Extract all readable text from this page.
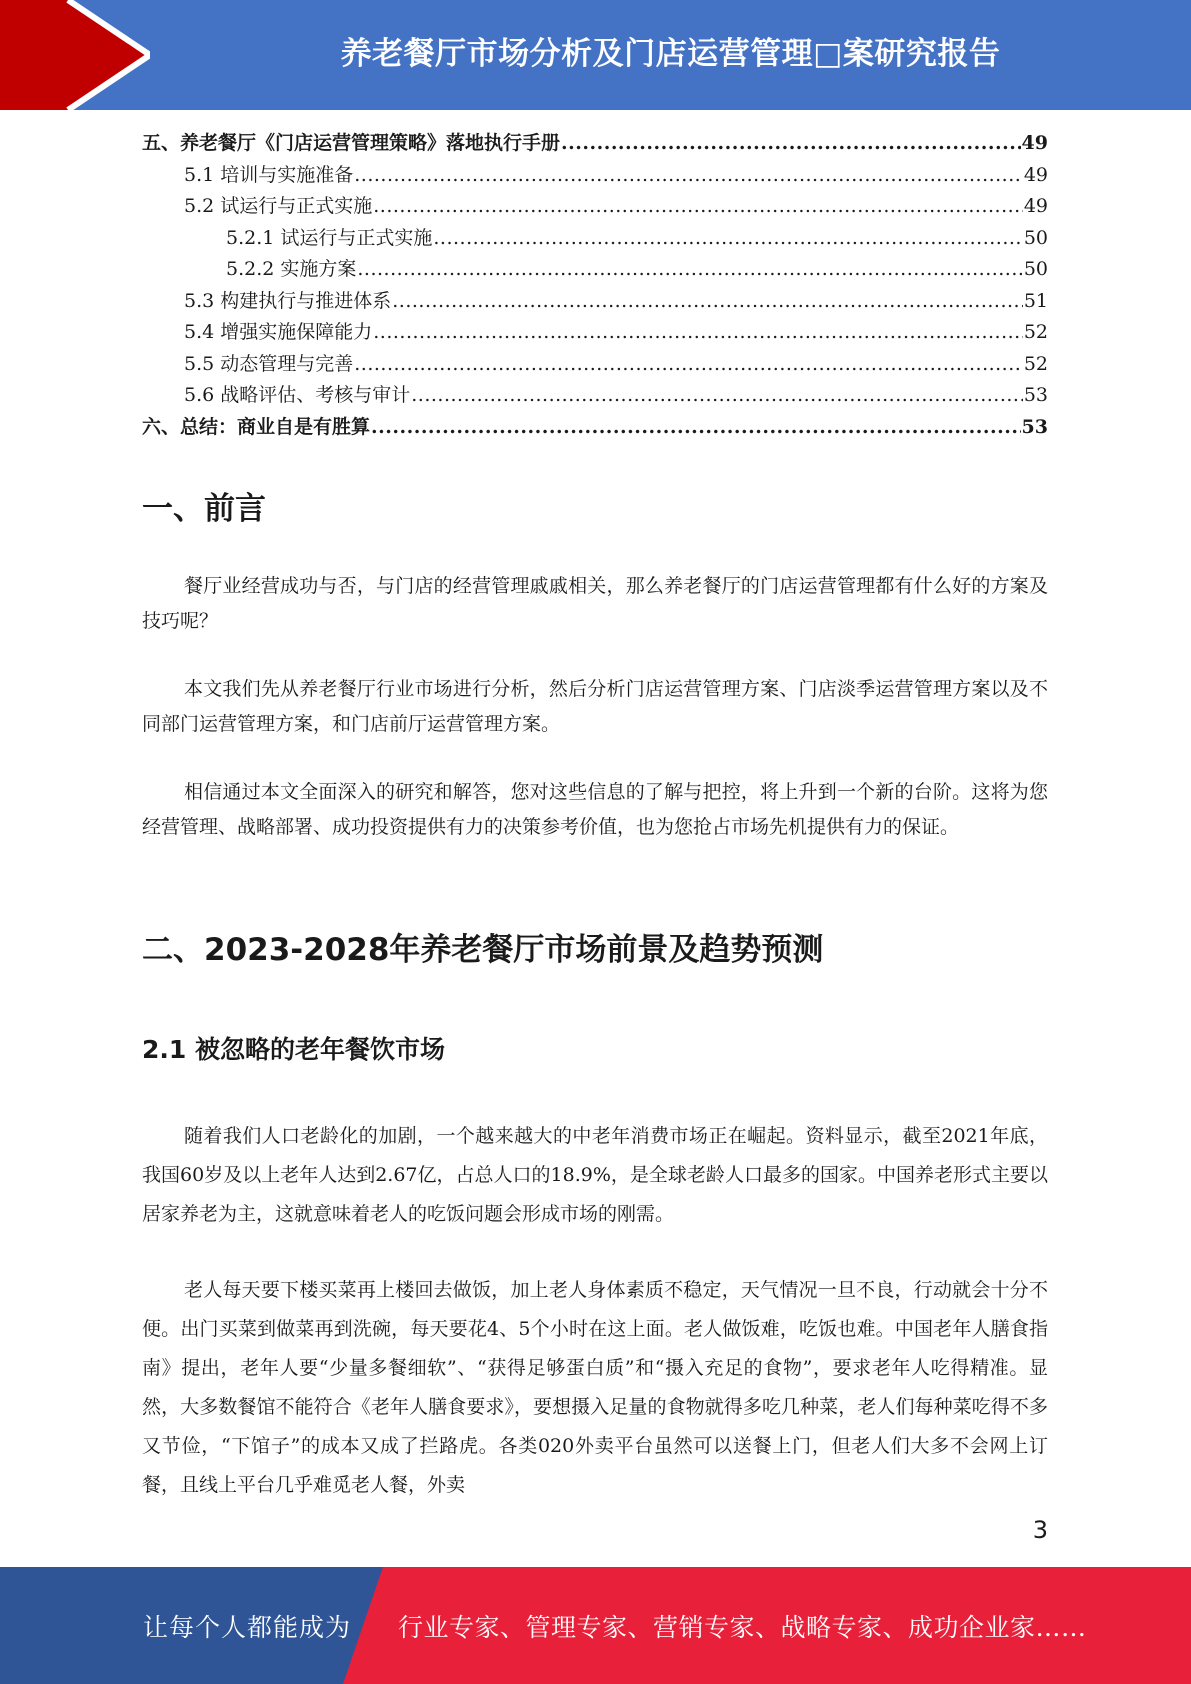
养老餐厅市场分析及门店运营管理□案研究报告
五、养老餐厅《门店运营管理策略》落地执行手册 .....	49
5.1 培训与实施准备 .....	49
5.2 试运行与正式实施 .....	49
5.2.1 试运行与正式实施 .....	50
5.2.2 实施方案 .....	50
5.3 构建执行与推进体系 .....	51
5.4 增强实施保障能力 .....	52
5.5 动态管理与完善 .....	52
5.6 战略评估、考核与审计 .....	53
六、总结：商业自是有胜算 .....	53
一、前言

餐厅业经营成功与否，与门店的经营管理戚戚相关，那么养老餐厅的门店运营管理都有什么好的方案及技巧呢？

本文我们先从养老餐厅行业市场进行分析，然后分析门店运营管理方案、门店淡季运营管理方案以及不同部门运营管理方案，和门店前厅运营管理方案。

相信通过本文全面深入的研究和解答，您对这些信息的了解与把控，将上升到一个新的台阶。这将为您经营管理、战略部署、成功投资提供有力的决策参考价值，也为您抢占市场先机提供有力的保证。

二、2023-2028年养老餐厅市场前景及趋势预测
2.1 被忽略的老年餐饮市场

随着我们人口老龄化的加剧，一个越来越大的中老年消费市场正在崛起。资料显示，截至2021年底，我国60岁及以上老年人达到2.67亿，占总人口的18.9%，是全球老龄人口最多的国家。中国养老形式主要以居家养老为主，这就意味着老人的吃饭问题会形成市场的刚需。

老人每天要下楼买菜再上楼回去做饭，加上老人身体素质不稳定，天气情况一旦不良，行动就会十分不便。出门买菜到做菜再到洗碗，每天要花4、5个小时在这上面。老人做饭难，吃饭也难。中国老年人膳食指南》提出，老年人要“少量多餐细软”、“获得足够蛋白质”和“摄入充足的食物”，要求老年人吃得精准。显然，大多数餐馆不能符合《老年人膳食要求》，要想摄入足量的食物就得多吃几种菜，老人们每种菜吃得不多又节俭，“下馆子”的成本又成了拦路虎。各类020外卖平台虽然可以送餐上门，但老人们大多不会网上订餐，且线上平台几乎难觅老人餐，外卖

3
让每个人都能成为 行业专家、管理专家、营销专家、战略专家、成功企业家……
